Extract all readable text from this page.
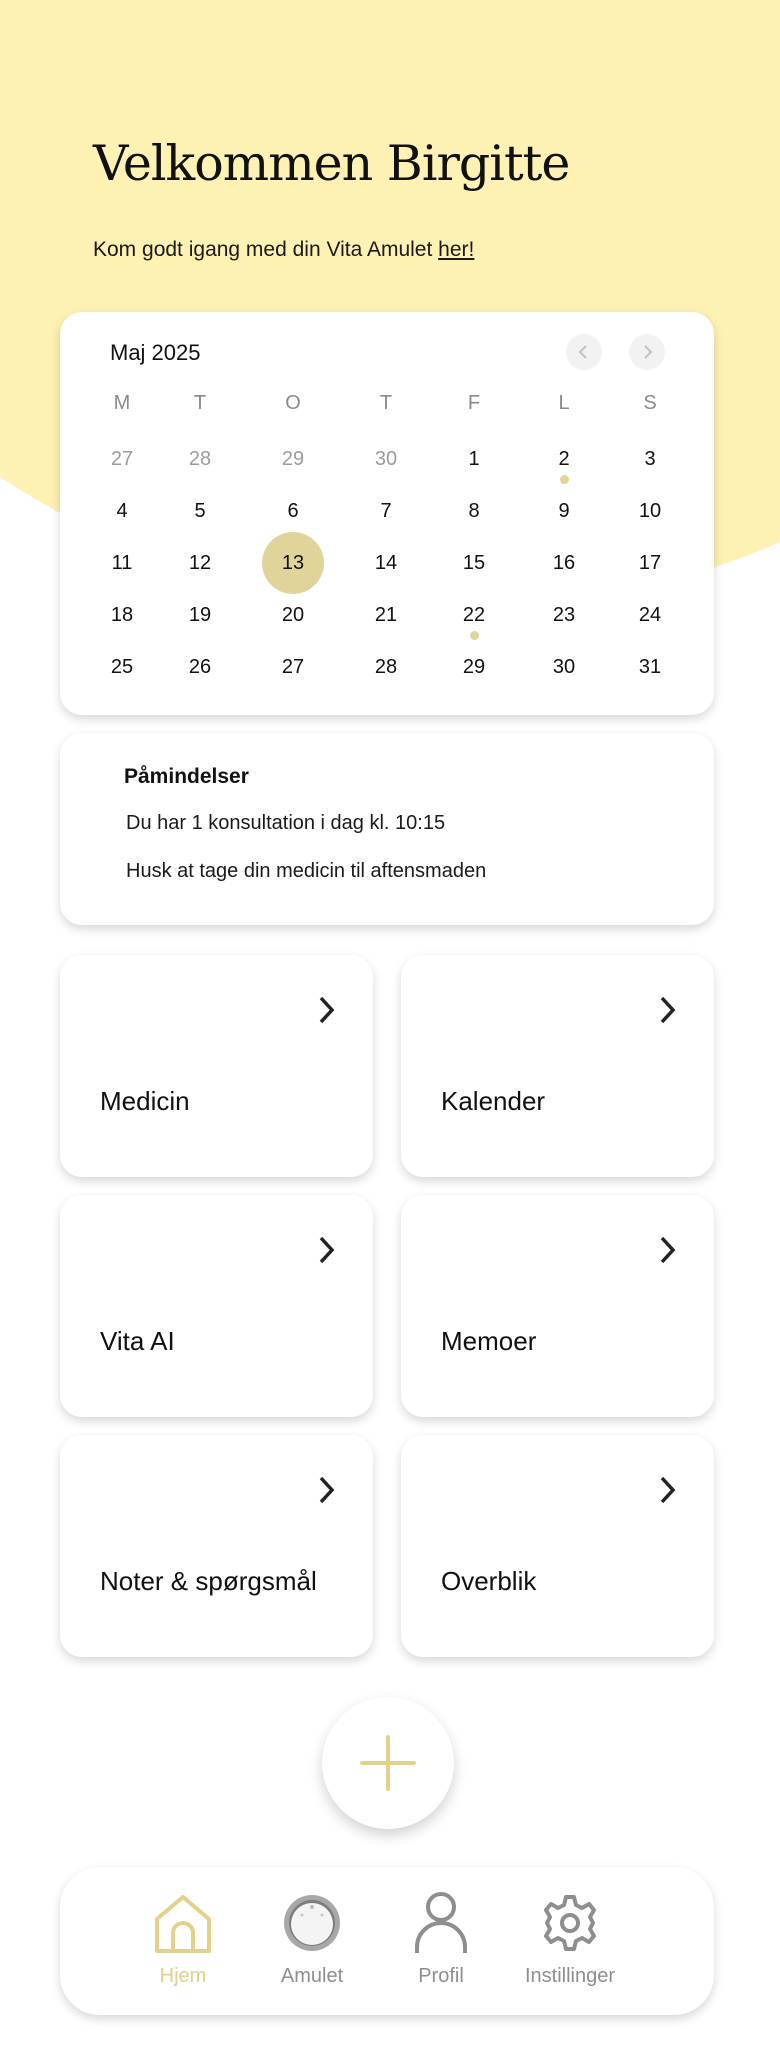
Velkommen Birgitte
Kom godt igang med din Vita Amulet her!
Maj 2025
M	T	O	T	F	L	S
27	28	29	30	1	2	3
4	5	6	7	8	9	10
11	12	13	14	15	16	17
18	19	20	21	22	23	24
25	26	27	28	29	30	31
Påmindelser
Du har 1 konsultation i dag kl. 10:15
Husk at tage din medicin til aftensmaden
Medicin	Kalender
Vita AI	Memoer
Noter & spørgsmål	Overblik
Hjem	Amulet	Profil	Instillinger
